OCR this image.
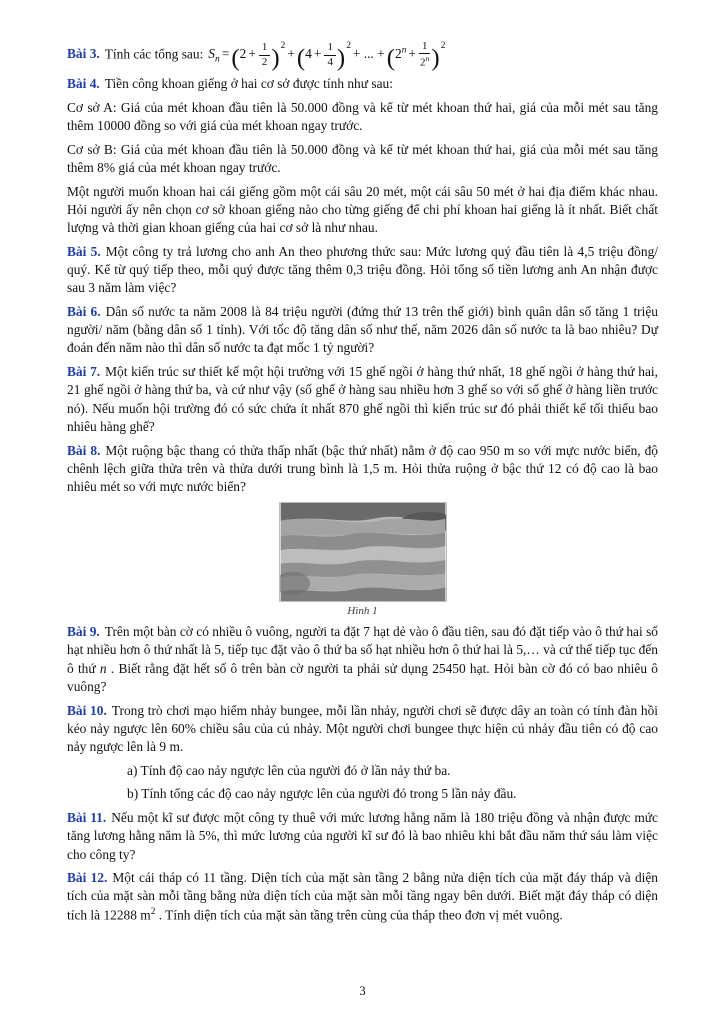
Bài 3. Tính các tổng sau: $S_n =(2 + \frac{1}{2} )^2+(4 + \frac{1}{4} )^2+$ ... $+(2^n + \frac{1}{2^n} )^2$

Bài 4. Tiền công khoan giếng ở hai cơ sở được tính như sau:

Cơ sở A: Giá của mét khoan đầu tiên là 50.000 đồng và kể từ mét khoan thứ hai, giá của mỗi mét sau tăng thêm 10000 đồng so với giá của mét khoan ngay trước.

Cơ sở B: Giá của mét khoan đầu tiên là 50.000 đồng và kể từ mét khoan thứ hai, giá của mỗi mét sau tăng thêm 8% giá của mét khoan ngay trước.

Một người muốn khoan hai cái giếng gồm một cái sâu 20 mét, một cái sâu 50 mét ở hai địa điểm khác nhau. Hỏi người ấy nên chọn cơ sở khoan giếng nào cho từng giếng để chi phí khoan hai giếng là ít nhất. Biết chất lượng và thời gian khoan giếng của hai cơ sở là như nhau.

Bài 5. Một công ty trả lương cho anh An theo phương thức sau: Mức lương quý đầu tiên là 4,5 triệu đồng/ quý. Kể từ quý tiếp theo, mỗi quý được tăng thêm 0,3 triệu đồng. Hỏi tổng số tiền lương anh An nhận được sau 3 năm làm việc?

Bài 6. Dân số nước ta năm 2008 là 84 triệu người (đứng thứ 13 trên thế giới) bình quân dân số tăng 1 triệu người/ năm (bằng dân số 1 tỉnh). Với tốc độ tăng dân số như thế, năm 2026 dân số nước ta là bao nhiêu? Dự đoán đến năm nào thì dân số nước ta đạt mốc 1 tỷ người?

Bài 7. Một kiến trúc sư thiết kế một hội trường với 15 ghế ngồi ở hàng thứ nhất, 18 ghế ngồi ở hàng thứ hai, 21 ghế ngồi ở hàng thứ ba, và cứ như vậy (số ghế ở hàng sau nhiều hơn 3 ghế so với số ghế ở hàng liền trước nó). Nếu muốn hội trường đó có sức chứa ít nhất 870 ghế ngồi thì kiến trúc sư đó phải thiết kế tối thiểu bao nhiêu hàng ghế?

Bài 8. Một ruộng bậc thang có thửa thấp nhất (bậc thứ nhất) nằm ở độ cao 950 m so với mực nước biển, độ chênh lệch giữa thửa trên và thửa dưới trung bình là 1,5 m. Hỏi thửa ruộng ở bậc thứ 12 có độ cao là bao nhiêu mét so với mực nước biển?

Hình 1

Bài 9. Trên một bàn cờ có nhiều ô vuông, người ta đặt 7 hạt dẻ vào ô đầu tiên, sau đó đặt tiếp vào ô thứ hai số hạt nhiều hơn ô thứ nhất là 5, tiếp tục đặt vào ô thứ ba số hạt nhiều hơn ô thứ hai là 5,… và cứ thế tiếp tục đến ô thứ n . Biết rằng đặt hết số ô trên bàn cờ người ta phải sử dụng 25450 hạt. Hỏi bàn cờ đó có bao nhiêu ô vuông?

Bài 10. Trong trò chơi mạo hiểm nhảy bungee, mỗi lần nhảy, người chơi sẽ được dây an toàn có tính đàn hồi kéo nảy ngược lên 60% chiều sâu của cú nhảy. Một người chơi bungee thực hiện cú nhảy đầu tiên có độ cao nảy ngược lên là 9 m.

a) Tính độ cao nảy ngược lên của người đó ở lần nảy thứ ba.

b) Tính tổng các độ cao nảy ngược lên của người đó trong 5 lần nảy đầu.

Bài 11. Nếu một kĩ sư được một công ty thuê với mức lương hằng năm là 180 triệu đồng và nhận được mức tăng lương hằng năm là 5%, thì mức lương của người kĩ sư đó là bao nhiêu khi bắt đầu năm thứ sáu làm việc cho công ty?

Bài 12. Một cái tháp có 11 tầng. Diện tích của mặt sàn tầng 2 bằng nửa diện tích của mặt đáy tháp và diện tích của mặt sàn mỗi tầng bằng nửa diện tích của mặt sàn mỗi tầng ngay bên dưới. Biết mặt đáy tháp có diện tích là 12288 $m^2$ . Tính diện tích của mặt sàn tầng trên cùng của tháp theo đơn vị mét vuông.

3
